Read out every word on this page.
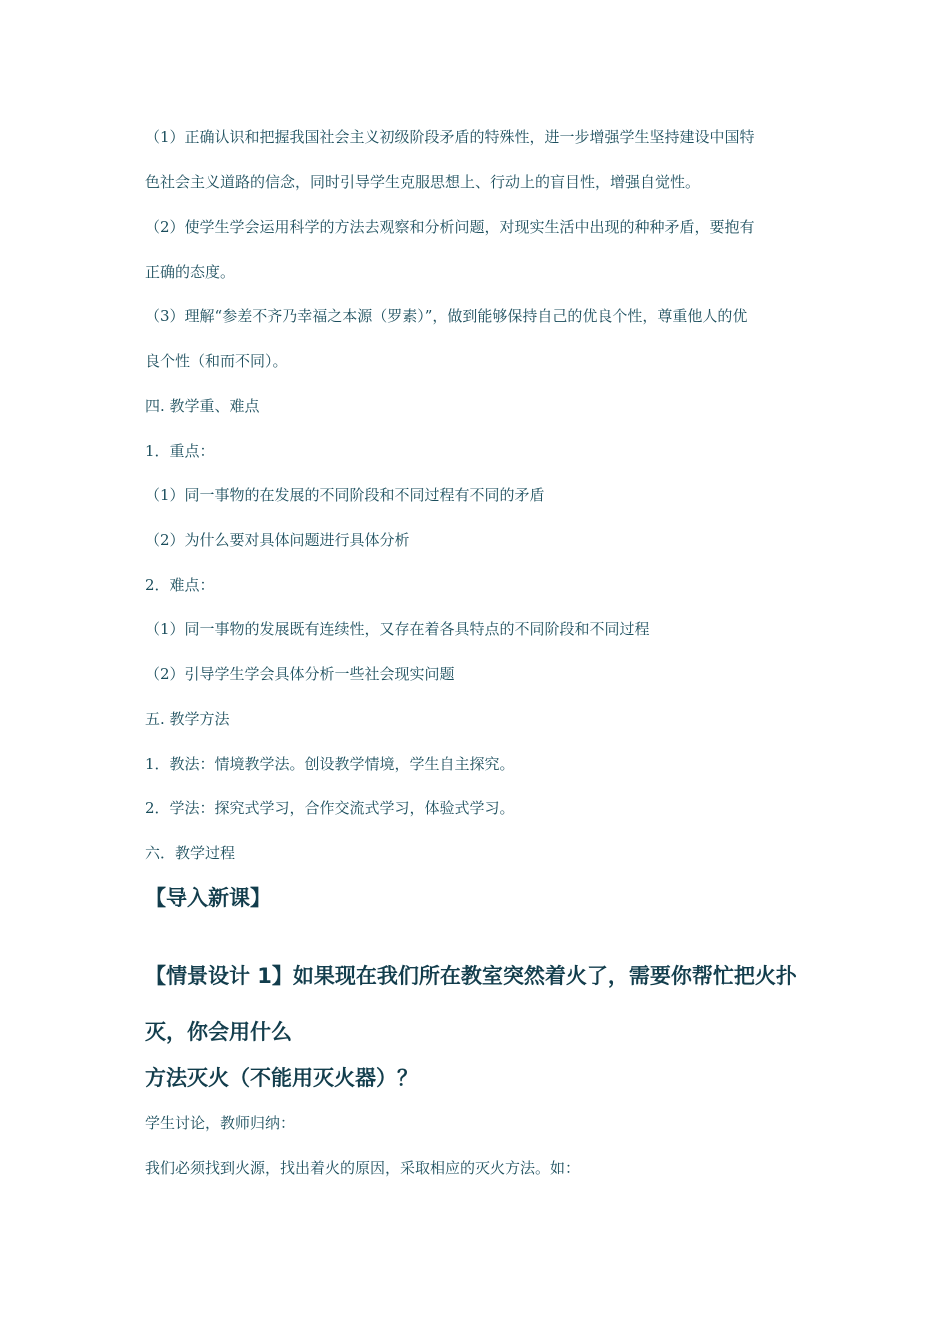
（1）正确认识和把握我国社会主义初级阶段矛盾的特殊性，进一步增强学生坚持建设中国特
色社会主义道路的信念，同时引导学生克服思想上、行动上的盲目性，增强自觉性。
（2）使学生学会运用科学的方法去观察和分析问题，对现实生活中出现的种种矛盾，要抱有
正确的态度。
（3）理解“参差不齐乃幸福之本源（罗素）”，做到能够保持自己的优良个性，尊重他人的优
良个性（和而不同）。
四. 教学重、难点
1．重点：
（1）同一事物的在发展的不同阶段和不同过程有不同的矛盾
（2）为什么要对具体问题进行具体分析
2．难点：
（1）同一事物的发展既有连续性，又存在着各具特点的不同阶段和不同过程
（2）引导学生学会具体分析一些社会现实问题
五. 教学方法
1．教法：情境教学法。创设教学情境，学生自主探究。
2．学法：探究式学习，合作交流式学习，体验式学习。
六．教学过程
【导入新课】
【情景设计 1】如果现在我们所在教室突然着火了，需要你帮忙把火扑
灭，你会用什么
方法灭火（不能用灭火器）？
学生讨论，教师归纳：
我们必须找到火源，找出着火的原因，采取相应的灭火方法。如：
